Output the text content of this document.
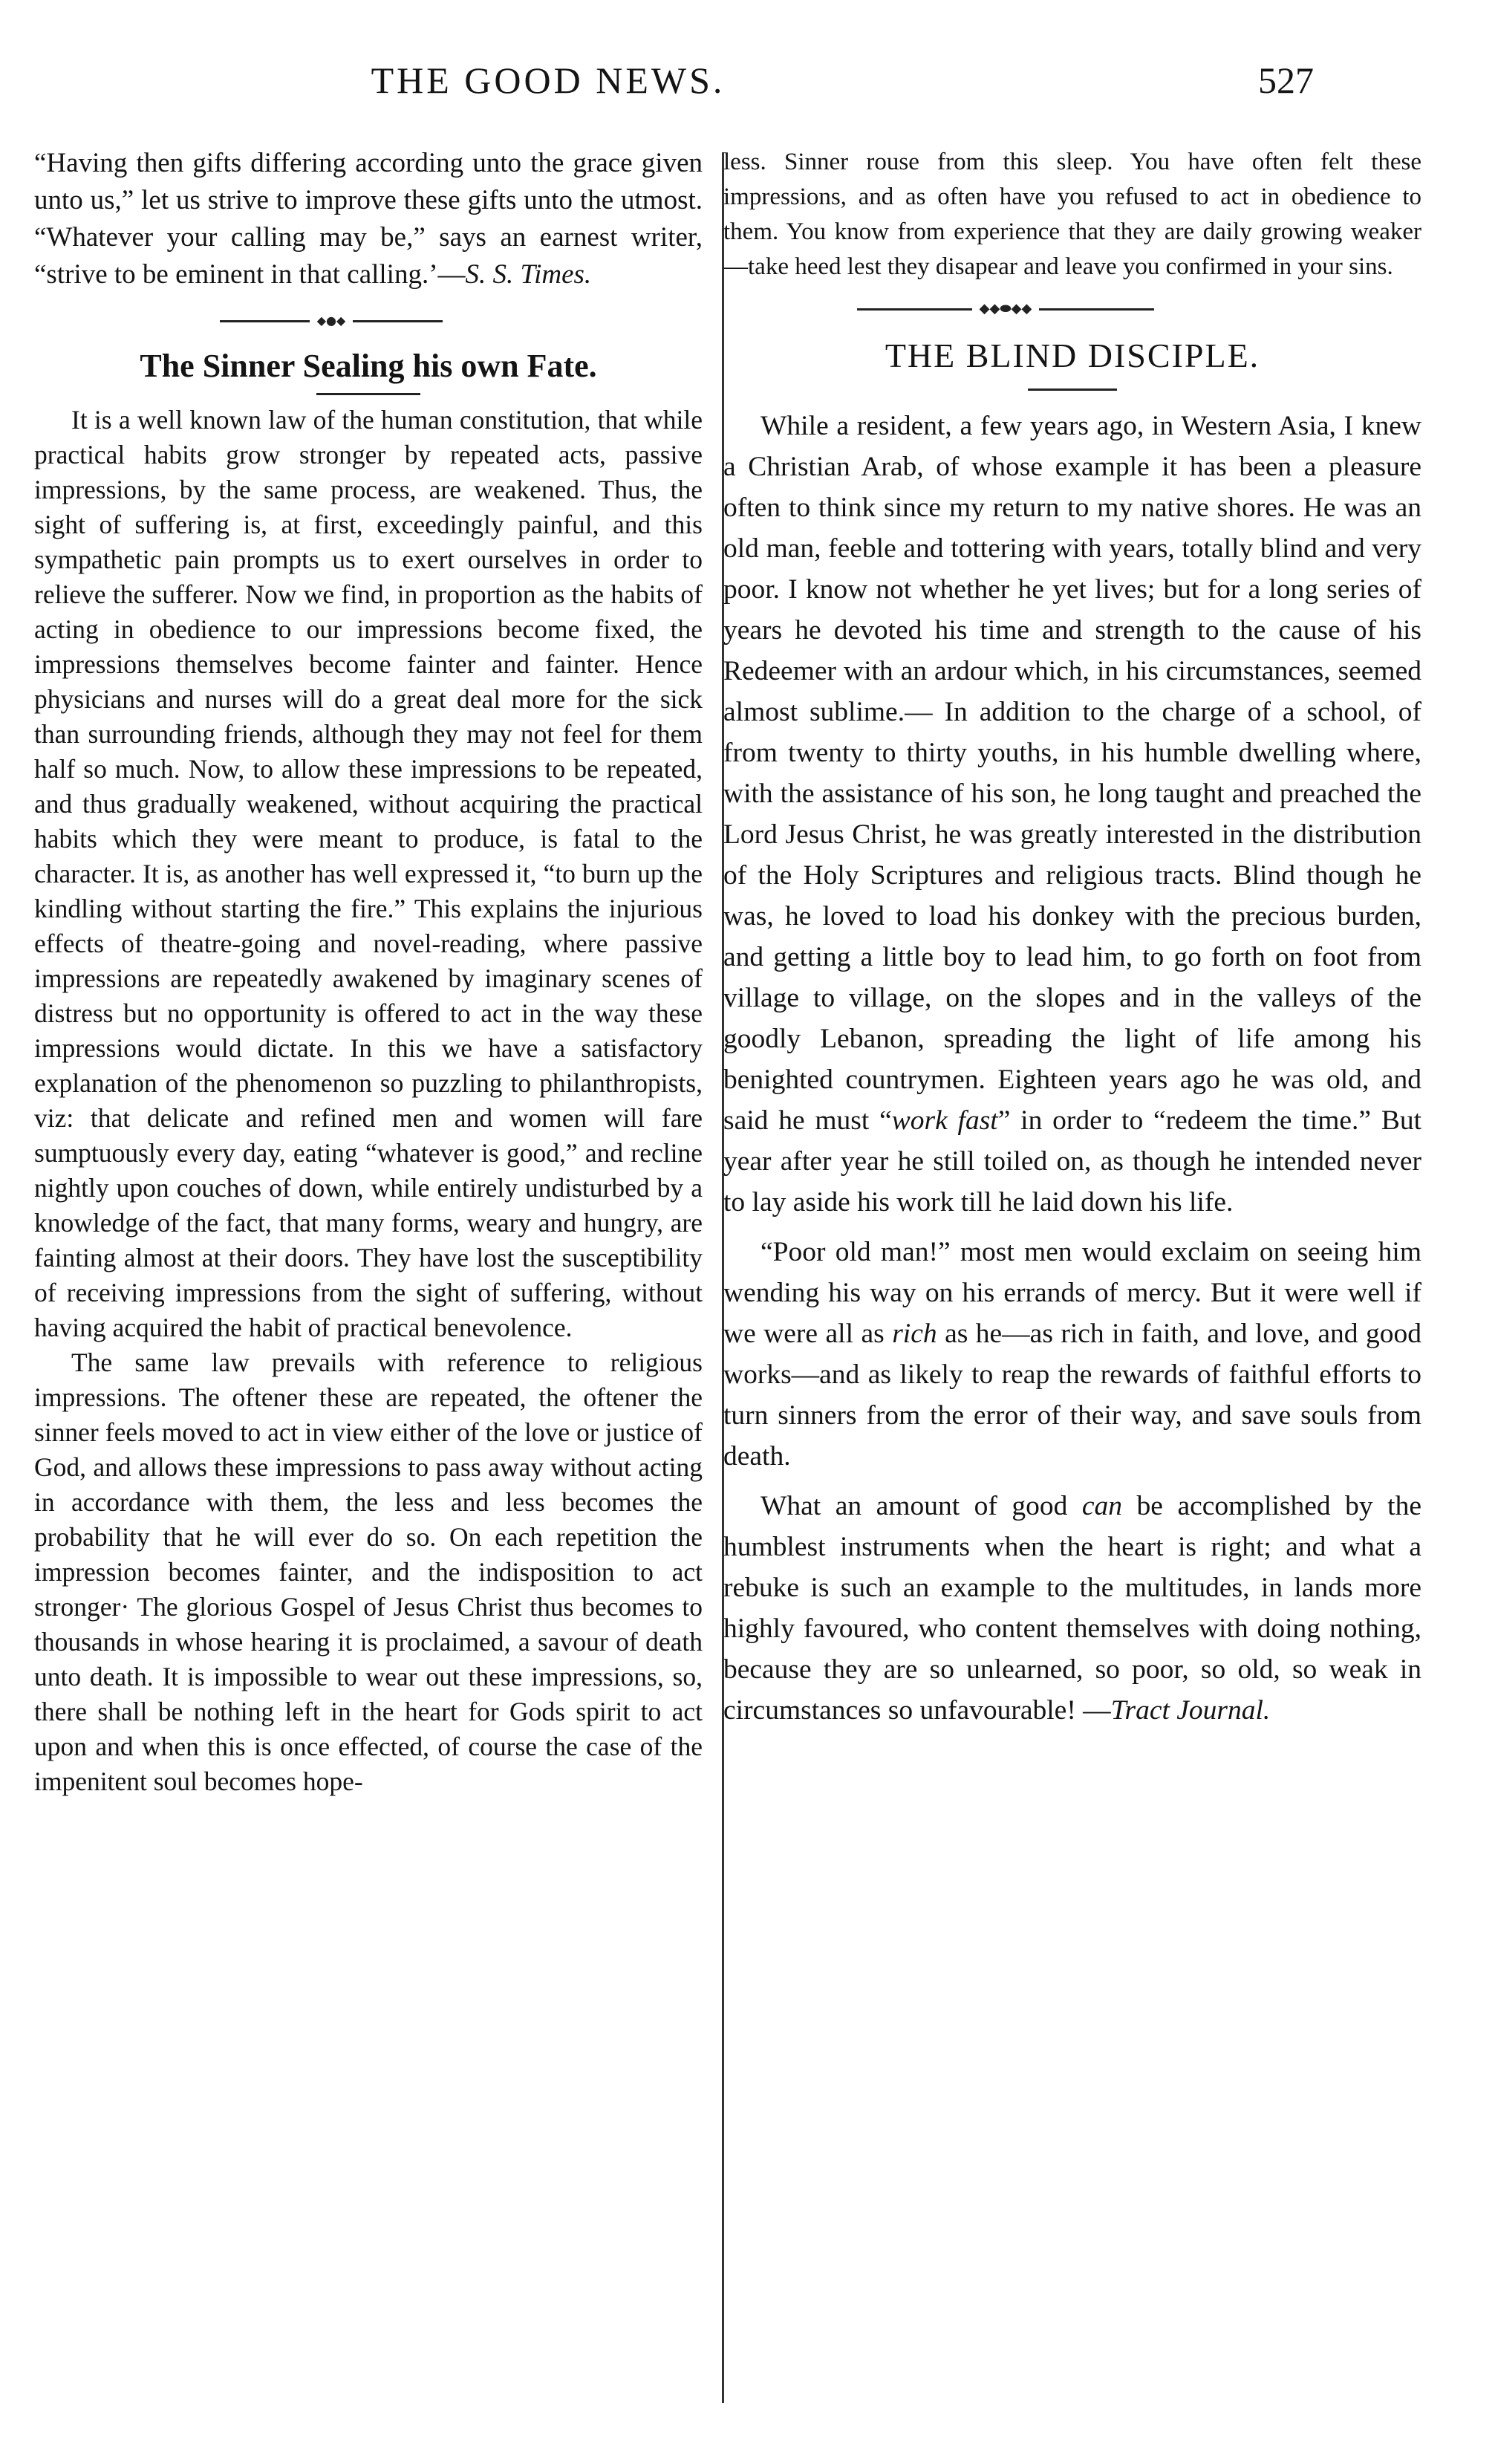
THE GOOD NEWS.	527

“Having then gifts differing according unto the grace given unto us,” let us strive to improve these gifts unto the utmost. “Whatever your calling may be,” says an earnest writer, “strive to be eminent in that calling.’—S. S. Times.

◆●◆
The Sinner Sealing his own Fate.

It is a well known law of the human constitution, that while practical habits grow stronger by repeated acts, passive impressions, by the same process, are weakened. Thus, the sight of suffering is, at first, exceedingly painful, and this sympathetic pain prompts us to exert ourselves in order to relieve the sufferer. Now we find, in proportion as the habits of acting in obedience to our impressions become fixed, the impressions themselves become fainter and fainter. Hence physicians and nurses will do a great deal more for the sick than surrounding friends, although they may not feel for them half so much. Now, to allow these impressions to be repeated, and thus gradually weakened, without acquiring the practical habits which they were meant to produce, is fatal to the character. It is, as another has well expressed it, “to burn up the kindling without starting the fire.” This explains the injurious effects of theatre-going and novel-reading, where passive impressions are repeatedly awakened by imaginary scenes of distress but no opportunity is offered to act in the way these impressions would dictate. In this we have a satisfactory explanation of the phenomenon so puzzling to philanthropists, viz: that delicate and refined men and women will fare sumptuously every day, eating “whatever is good,” and recline nightly upon couches of down, while entirely undisturbed by a knowledge of the fact, that many forms, weary and hungry, are fainting almost at their doors. They have lost the susceptibility of receiving impressions from the sight of suffering, without having acquired the habit of practical benevolence.

The same law prevails with reference to religious impressions. The oftener these are repeated, the oftener the sinner feels moved to act in view either of the love or justice of God, and allows these impressions to pass away without acting in accordance with them, the less and less becomes the probability that he will ever do so. On each repetition the impression becomes fainter, and the indisposition to act stronger· The glorious Gospel of Jesus Christ thus becomes to thousands in whose hearing it is proclaimed, a savour of death unto death. It is impossible to wear out these impressions, so, there shall be nothing left in the heart for Gods spirit to act upon and when this is once effected, of course the case of the impenitent soul becomes hope-

less. Sinner rouse from this sleep. You have often felt these impressions, and as often have you refused to act in obedience to them. You know from experience that they are daily growing weaker—take heed lest they disapear and leave you confirmed in your sins.

◆◆⬬◆◆
THE BLIND DISCIPLE.

While a resident, a few years ago, in Western Asia, I knew a Christian Arab, of whose example it has been a pleasure often to think since my return to my native shores. He was an old man, feeble and tottering with years, totally blind and very poor. I know not whether he yet lives; but for a long series of years he devoted his time and strength to the cause of his Redeemer with an ardour which, in his circumstances, seemed almost sublime.— In addition to the charge of a school, of from twenty to thirty youths, in his humble dwelling where, with the assistance of his son, he long taught and preached the Lord Jesus Christ, he was greatly interested in the distribution of the Holy Scriptures and religious tracts. Blind though he was, he loved to load his donkey with the precious burden, and getting a little boy to lead him, to go forth on foot from village to village, on the slopes and in the valleys of the goodly Lebanon, spreading the light of life among his benighted countrymen. Eighteen years ago he was old, and said he must “work fast” in order to “redeem the time.” But year after year he still toiled on, as though he intended never to lay aside his work till he laid down his life.

“Poor old man!” most men would exclaim on seeing him wending his way on his errands of mercy. But it were well if we were all as rich as he—as rich in faith, and love, and good works—and as likely to reap the rewards of faithful efforts to turn sinners from the error of their way, and save souls from death.

What an amount of good can be accomplished by the humblest instruments when the heart is right; and what a rebuke is such an example to the multitudes, in lands more highly favoured, who content themselves with doing nothing, because they are so unlearned, so poor, so old, so weak in circumstances so unfavourable! —Tract Journal.
